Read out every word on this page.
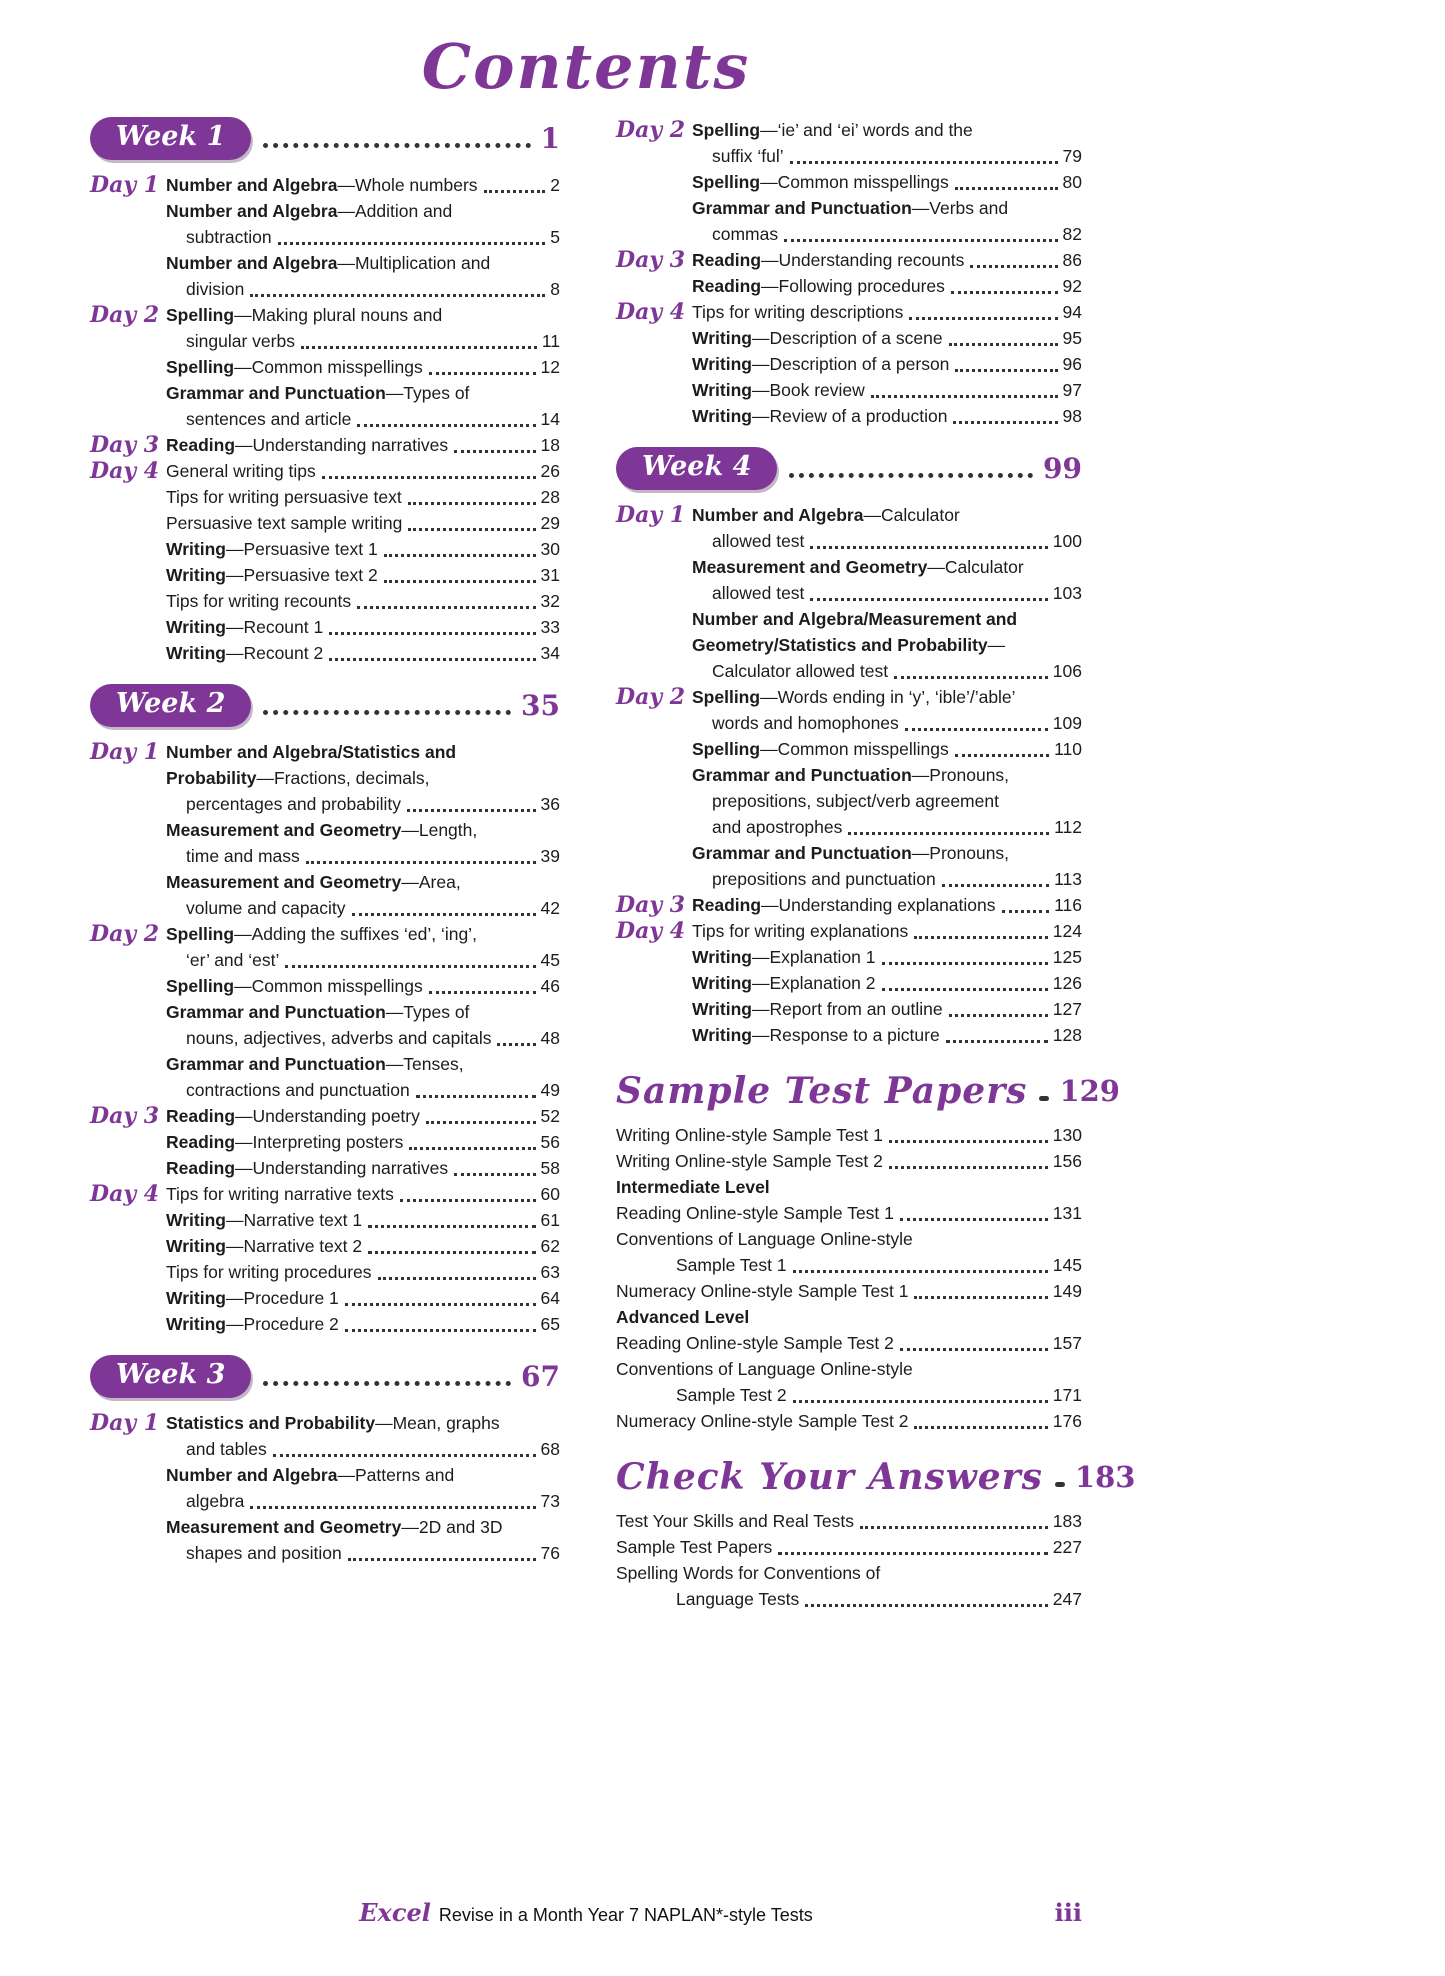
Contents
Week 1	1
Day 1 Number and Algebra —Whole numbers	2
Number and Algebra —Addition and
subtraction	5
Number and Algebra —Multiplication and
division	8
Day 2 Spelling —Making plural nouns and
singular verbs	11
Spelling —Common misspellings	12
Grammar and Punctuation —Types of
sentences and article	14
Day 3 Reading —Understanding narratives	18
Day 4 General writing tips	26
Tips for writing persuasive text	28
Persuasive text sample writing	29
Writing —Persuasive text 1	30
Writing —Persuasive text 2	31
Tips for writing recounts	32
Writing —Recount 1	33
Writing —Recount 2	34
Week 2	35
Day 1 Number and Algebra/Statistics and
Probability —Fractions, decimals,
percentages and probability	36
Measurement and Geometry —Length,
time and mass	39
Measurement and Geometry —Area,
volume and capacity	42
Day 2 Spelling —Adding the suffixes ‘ed’, ‘ing’,
‘er’ and ‘est’	45
Spelling —Common misspellings	46
Grammar and Punctuation —Types of
nouns, adjectives, adverbs and capitals	48
Grammar and Punctuation —Tenses,
contractions and punctuation	49
Day 3 Reading —Understanding poetry	52
Reading —Interpreting posters	56
Reading —Understanding narratives	58
Day 4 Tips for writing narrative texts	60
Writing —Narrative text 1	61
Writing —Narrative text 2	62
Tips for writing procedures	63
Writing —Procedure 1	64
Writing —Procedure 2	65
Week 3	67
Day 1 Statistics and Probability —Mean, graphs
and tables	68
Number and Algebra —Patterns and
algebra	73
Measurement and Geometry —2D and 3D
shapes and position	76
Day 2 Spelling —‘ie’ and ‘ei’ words and the
suffix ‘ful’	79
Spelling —Common misspellings	80
Grammar and Punctuation —Verbs and
commas	82
Day 3 Reading —Understanding recounts	86
Reading —Following procedures	92
Day 4 Tips for writing descriptions	94
Writing —Description of a scene	95
Writing —Description of a person	96
Writing —Book review	97
Writing —Review of a production	98
Week 4	99
Day 1 Number and Algebra —Calculator
allowed test	100
Measurement and Geometry —Calculator
allowed test	103
Number and Algebra/Measurement and
Geometry/Statistics and Probability —
Calculator allowed test	106
Day 2 Spelling —Words ending in ‘y’, ‘ible’/’able’
words and homophones	109
Spelling —Common misspellings	110
Grammar and Punctuation —Pronouns,
prepositions, subject/verb agreement
and apostrophes	112
Grammar and Punctuation —Pronouns,
prepositions and punctuation	113
Day 3 Reading —Understanding explanations	116
Day 4 Tips for writing explanations	124
Writing —Explanation 1	125
Writing —Explanation 2	126
Writing —Report from an outline	127
Writing —Response to a picture	128
Sample Test Papers 129
Writing Online-style Sample Test 1	130
Writing Online-style Sample Test 2	156
Intermediate Level
Reading Online-style Sample Test 1	131
Conventions of Language Online-style
Sample Test 1	145
Numeracy Online-style Sample Test 1	149
Advanced Level
Reading Online-style Sample Test 2	157
Conventions of Language Online-style
Sample Test 2	171
Numeracy Online-style Sample Test 2	176
Check Your Answers 183
Test Your Skills and Real Tests	183
Sample Test Papers	227
Spelling Words for Conventions of
Language Tests	247
Excel Revise in a Month Year 7 NAPLAN*-style Tests	iii
